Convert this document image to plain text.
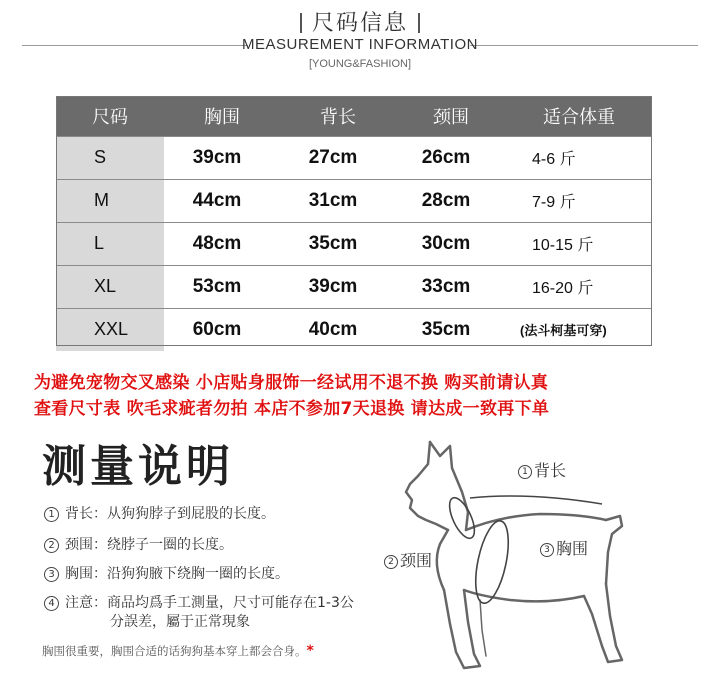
尺码信息
MEASUREMENT INFORMATION
[YOUNG&FASHION]
尺码	胸围	背长	颈围	适合体重
S	39cm	27cm	26cm	4-6 斤
M	44cm	31cm	28cm	7-9 斤
L	48cm	35cm	30cm	10-15 斤
XL	53cm	39cm	33cm	16-20 斤
XXL	60cm	40cm	35cm	(法斗柯基可穿)
为避免宠物交叉感染 小店贴身服饰一经试用不退不换 购买前请认真
查看尺寸表 吹毛求疵者勿拍 本店不参加7天退换 请达成一致再下单
测量说明
1 背长：从狗狗脖子到屁股的长度。
2 颈围：绕脖子一圈的长度。
3 胸围：沿狗狗腋下绕胸一圈的长度。
4 注意：商品均爲手工測量，尺寸可能存在1-3公
分誤差，屬于正常現象
胸围很重要，胸围合适的话狗狗基本穿上都会合身。*
1 背长
2 颈围
3 胸围
